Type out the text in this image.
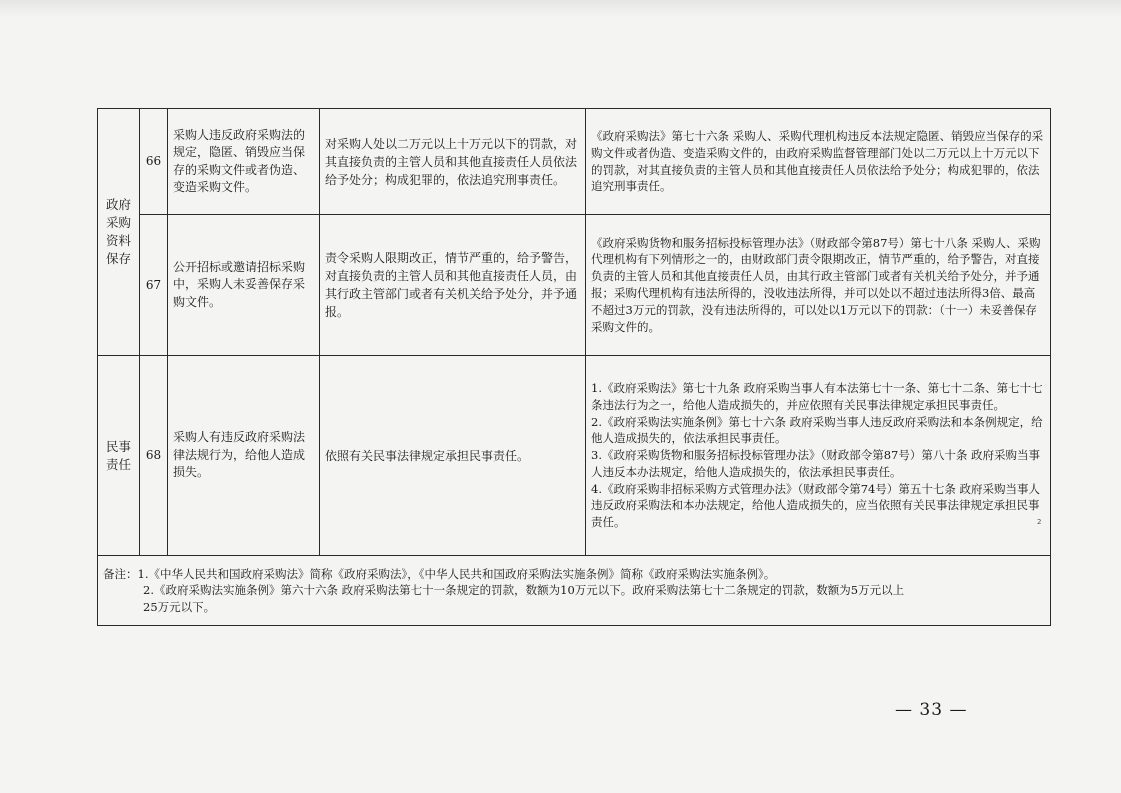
政府采购资料保存	66	采购人违反政府采购法的规定，隐匿、销毁应当保存的采购文件或者伪造、变造采购文件。	对采购人处以二万元以上十万元以下的罚款，对其直接负责的主管人员和其他直接责任人员依法给予处分；构成犯罪的，依法追究刑事责任。	《政府采购法》第七十六条 采购人、采购代理机构违反本法规定隐匿、销毁应当保存的采购文件或者伪造、变造采购文件的，由政府采购监督管理部门处以二万元以上十万元以下的罚款，对其直接负责的主管人员和其他直接责任人员依法给予处分；构成犯罪的，依法追究刑事责任。

	67	公开招标或邀请招标采购中，采购人未妥善保存采购文件。	责令采购人限期改正，情节严重的，给予警告，对直接负责的主管人员和其他直接责任人员，由其行政主管部门或者有关机关给予处分，并予通报。	《政府采购货物和服务招标投标管理办法》（财政部令第87号）第七十八条 采购人、采购代理机构有下列情形之一的，由财政部门责令限期改正，情节严重的，给予警告，对直接负责的主管人员和其他直接责任人员，由其行政主管部门或者有关机关给予处分，并予通报；采购代理机构有违法所得的，没收违法所得，并可以处以不超过违法所得3倍、最高不超过3万元的罚款，没有违法所得的，可以处以1万元以下的罚款：（十一）未妥善保存采购文件的。

民事责任	68	采购人有违反政府采购法律法规行为，给他人造成损失。	依照有关民事法律规定承担民事责任。	1.《政府采购法》第七十九条 政府采购当事人有本法第七十一条、第七十二条、第七十七条违法行为之一，给他人造成损失的，并应依照有关民事法律规定承担民事责任。
2.《政府采购法实施条例》第七十六条 政府采购当事人违反政府采购法和本条例规定，给他人造成损失的，依法承担民事责任。
3.《政府采购货物和服务招标投标管理办法》（财政部令第87号）第八十条 政府采购当事人违反本办法规定，给他人造成损失的，依法承担民事责任。
4.《政府采购非招标采购方式管理办法》（财政部令第74号）第五十七条 政府采购当事人违反政府采购法和本办法规定，给他人造成损失的，应当依照有关民事法律规定承担民事责任。

备注：1.《中华人民共和国政府采购法》简称《政府采购法》，《中华人民共和国政府采购法实施条例》简称《政府采购法实施条例》。
2.《政府采购法实施条例》第六十六条 政府采购法第七十一条规定的罚款，数额为10万元以下。政府采购法第七十二条规定的罚款，数额为5万元以上
25万元以下。				
2
— 33 —
